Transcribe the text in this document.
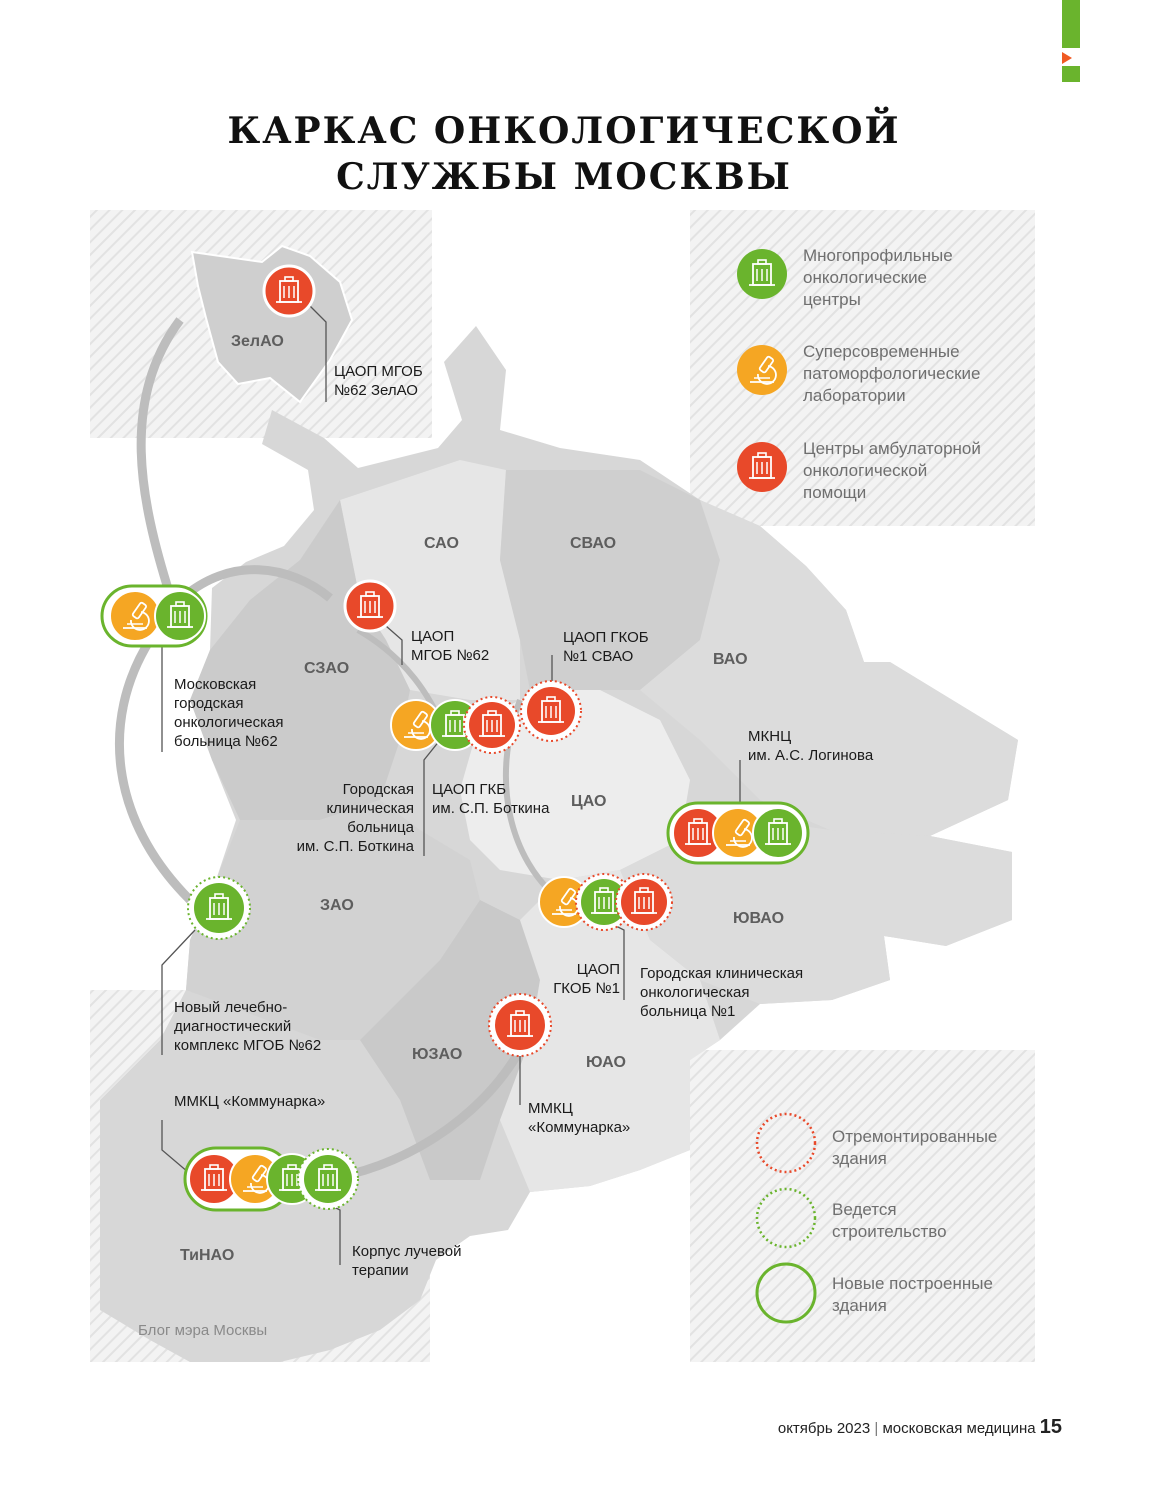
КАРКАС ОНКОЛОГИЧЕСКОЙ
СЛУЖБЫ МОСКВЫ
ЗелАО
САО	СВАО
СЗАО
ВАО
ЦАО
ЗАО
ЮВАО
ЮЗАО	ЮАО
ТиНАО
ЦАОП МГОБ
№62 ЗелАО
ЦАОП
МГОБ №62
ЦАОП ГКОБ
№1 СВАО
Московская
городская
онкологическая
больница №62
Городская
клиническая
больница
им. С.П. Боткина
ЦАОП ГКБ
им. С.П. Боткина
МКНЦ
им. А.С. Логинова
ЦАОП
ГКОБ №1
Городская клиническая
онкологическая
больница №1
Новый лечебно-
диагностический
комплекс МГОБ №62
ММКЦ «Коммунарка»	ММКЦ
«Коммунарка»
Корпус лучевой
терапии
Многопрофильные
онкологические
центры
Суперсовременные
патоморфологические
лаборатории
Центры амбулаторной
онкологической
помощи
Отремонтированные
здания
Ведется
строительство
Новые построенные
здания
Блог мэра Москвы
октябрь 2023 | московская медицина 15
